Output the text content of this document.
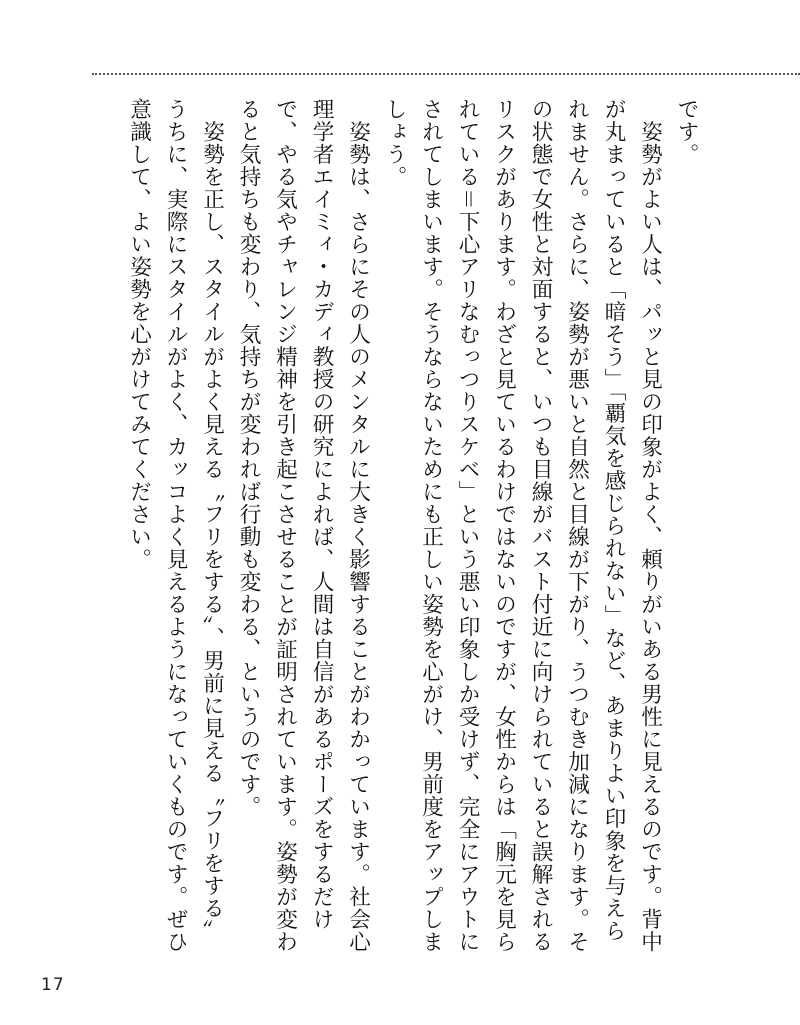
です。

　姿勢がよい人は、パッと見の印象がよく、頼りがいある男性に見えるのです。背中が丸まっていると「暗そう」「覇気を感じられない」など、あまりよい印象を与えられません。さらに、姿勢が悪いと自然と目線が下がり、うつむき加減になります。その状態で女性と対面すると、いつも目線がバスト付近に向けられていると誤解されるリスクがあります。わざと見ているわけではないのですが、女性からは「胸元を見られている＝下心アリなむっつりスケベ」という悪い印象しか受けず、完全にアウトにされてしまいます。そうならないためにも正しい姿勢を心がけ、男前度をアップしましょう。

　姿勢は、さらにその人のメンタルに大きく影響することがわかっています。社会心理学者エイミィ・カディ教授の研究によれば、人間は自信があるポーズをするだけで、やる気やチャレンジ精神を引き起こさせることが証明されています。姿勢が変わると気持ちも変わり、気持ちが変われば行動も変わる、というのです。

　姿勢を正し、スタイルがよく見える〝フリをする〟、男前に見える〝フリをする〟うちに、実際にスタイルがよく、カッコよく見えるようになっていくものです。ぜひ意識して、よい姿勢を心がけてみてください。

17
